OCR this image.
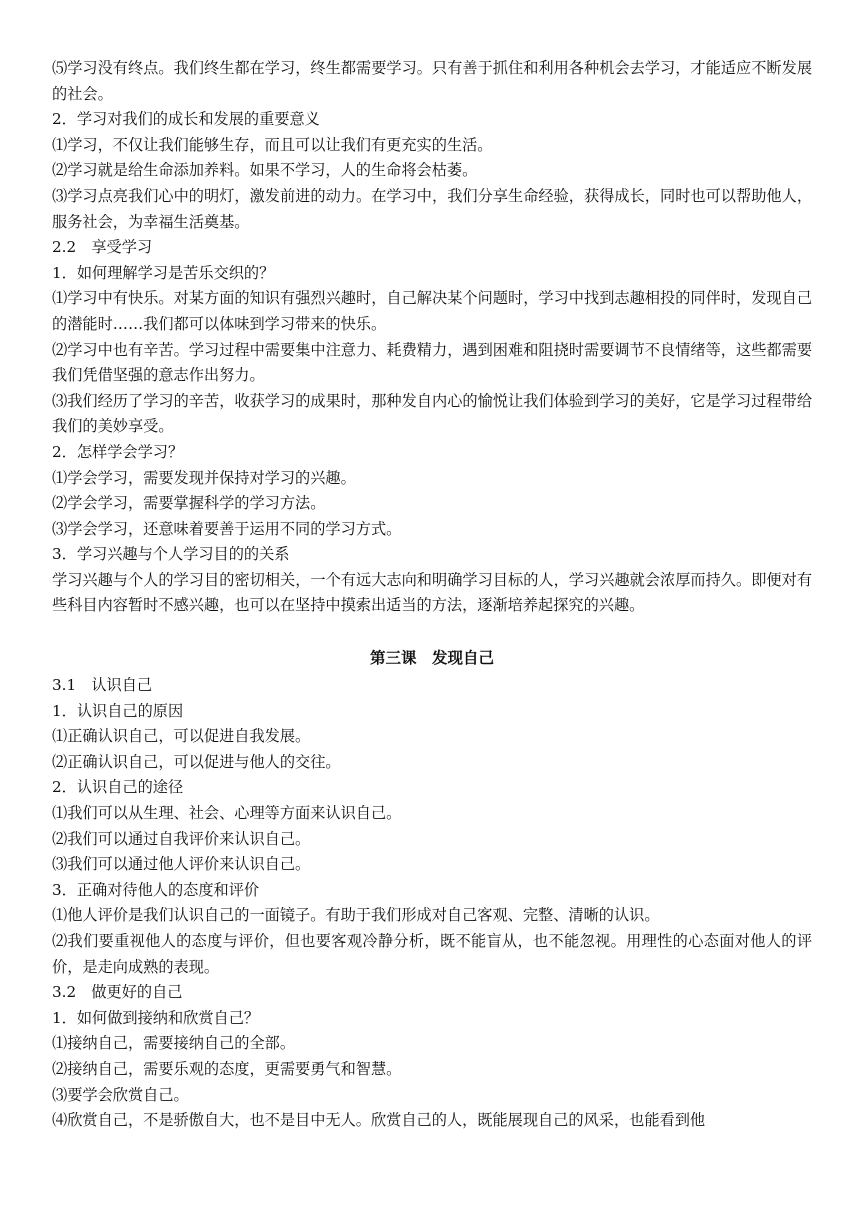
⑸学习没有终点。我们终生都在学习，终生都需要学习。只有善于抓住和利用各种机会去学习，才能适应不断发展的社会。
2．学习对我们的成长和发展的重要意义
⑴学习，不仅让我们能够生存，而且可以让我们有更充实的生活。
⑵学习就是给生命添加养料。如果不学习，人的生命将会枯萎。
⑶学习点亮我们心中的明灯，激发前进的动力。在学习中，我们分享生命经验，获得成长，同时也可以帮助他人，服务社会，为幸福生活奠基。
2.2　享受学习
1．如何理解学习是苦乐交织的？
⑴学习中有快乐。对某方面的知识有强烈兴趣时，自己解决某个问题时，学习中找到志趣相投的同伴时，发现自己的潜能时……我们都可以体味到学习带来的快乐。
⑵学习中也有辛苦。学习过程中需要集中注意力、耗费精力，遇到困难和阻挠时需要调节不良情绪等，这些都需要我们凭借坚强的意志作出努力。
⑶我们经历了学习的辛苦，收获学习的成果时，那种发自内心的愉悦让我们体验到学习的美好，它是学习过程带给我们的美妙享受。
2．怎样学会学习？
⑴学会学习，需要发现并保持对学习的兴趣。
⑵学会学习，需要掌握科学的学习方法。
⑶学会学习，还意味着要善于运用不同的学习方式。
3．学习兴趣与个人学习目的的关系
学习兴趣与个人的学习目的密切相关，一个有远大志向和明确学习目标的人，学习兴趣就会浓厚而持久。即便对有些科目内容暂时不感兴趣，也可以在坚持中摸索出适当的方法，逐渐培养起探究的兴趣。
第三课　发现自己
3.1　认识自己
1．认识自己的原因
⑴正确认识自己，可以促进自我发展。
⑵正确认识自己，可以促进与他人的交往。
2．认识自己的途径
⑴我们可以从生理、社会、心理等方面来认识自己。
⑵我们可以通过自我评价来认识自己。
⑶我们可以通过他人评价来认识自己。
3．正确对待他人的态度和评价
⑴他人评价是我们认识自己的一面镜子。有助于我们形成对自己客观、完整、清晰的认识。
⑵我们要重视他人的态度与评价，但也要客观冷静分析，既不能盲从，也不能忽视。用理性的心态面对他人的评价，是走向成熟的表现。
3.2　做更好的自己
1．如何做到接纳和欣赏自己？
⑴接纳自己，需要接纳自己的全部。
⑵接纳自己，需要乐观的态度，更需要勇气和智慧。
⑶要学会欣赏自己。
⑷欣赏自己，不是骄傲自大，也不是目中无人。欣赏自己的人，既能展现自己的风采，也能看到他
